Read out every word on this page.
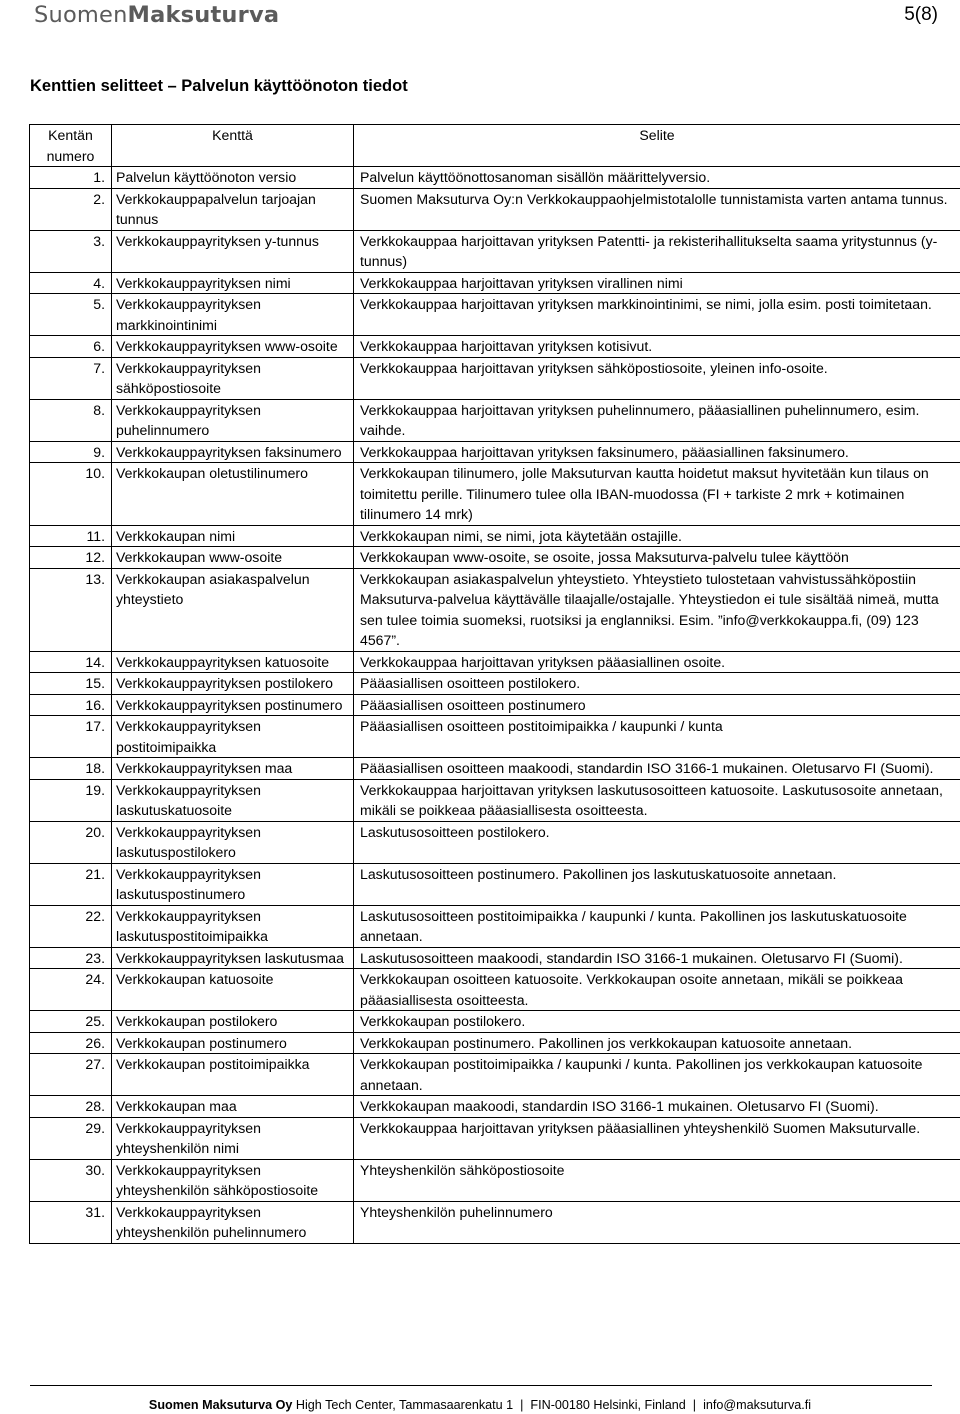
SuomenMaksuturva	5(8)
Kenttien selitteet – Palvelun käyttöönoton tiedot
Kentän numero	Kenttä	Selite
1.	Palvelun käyttöönoton versio	Palvelun käyttöönottosanoman sisällön määrittelyversio.
2.	Verkkokauppapalvelun tarjoajan tunnus	Suomen Maksuturva Oy:n Verkkokauppaohjelmistotalolle tunnistamista varten antama tunnus.
3.	Verkkokauppayrityksen y-tunnus	Verkkokauppaa harjoittavan yrityksen Patentti- ja rekisterihallitukselta saama yritystunnus (y-tunnus)
4.	Verkkokauppayrityksen nimi	Verkkokauppaa harjoittavan yrityksen virallinen nimi
5.	Verkkokauppayrityksen markkinointinimi	Verkkokauppaa harjoittavan yrityksen markkinointinimi, se nimi, jolla esim. posti toimitetaan.
6.	Verkkokauppayrityksen www-osoite	Verkkokauppaa harjoittavan yrityksen kotisivut.
7.	Verkkokauppayrityksen sähköpostiosoite	Verkkokauppaa harjoittavan yrityksen sähköpostiosoite, yleinen info-osoite.
8.	Verkkokauppayrityksen puhelinnumero	Verkkokauppaa harjoittavan yrityksen puhelinnumero, pääasiallinen puhelinnumero, esim. vaihde.
9.	Verkkokauppayrityksen faksinumero	Verkkokauppaa harjoittavan yrityksen faksinumero, pääasiallinen faksinumero.
10.	Verkkokaupan oletustilinumero	Verkkokaupan tilinumero, jolle Maksuturvan kautta hoidetut maksut hyvitetään kun tilaus on toimitettu perille. Tilinumero tulee olla IBAN-muodossa (FI + tarkiste 2 mrk + kotimainen tilinumero 14 mrk)
11.	Verkkokaupan nimi	Verkkokaupan nimi, se nimi, jota käytetään ostajille.
12.	Verkkokaupan www-osoite	Verkkokaupan www-osoite, se osoite, jossa Maksuturva-palvelu tulee käyttöön
13.	Verkkokaupan asiakaspalvelun yhteystieto	Verkkokaupan asiakaspalvelun yhteystieto. Yhteystieto tulostetaan vahvistussähköpostiin Maksuturva-palvelua käyttävälle tilaajalle/ostajalle. Yhteystiedon ei tule sisältää nimeä, mutta sen tulee toimia suomeksi, ruotsiksi ja englanniksi. Esim. ”info@verkkokauppa.fi, (09) 123 4567”.
14.	Verkkokauppayrityksen katuosoite	Verkkokauppaa harjoittavan yrityksen pääasiallinen osoite.
15.	Verkkokauppayrityksen postilokero	Pääasiallisen osoitteen postilokero.
16.	Verkkokauppayrityksen postinumero	Pääasiallisen osoitteen postinumero
17.	Verkkokauppayrityksen postitoimipaikka	Pääasiallisen osoitteen postitoimipaikka / kaupunki / kunta
18.	Verkkokauppayrityksen maa	Pääasiallisen osoitteen maakoodi, standardin ISO 3166-1 mukainen. Oletusarvo FI (Suomi).
19.	Verkkokauppayrityksen laskutuskatuosoite	Verkkokauppaa harjoittavan yrityksen laskutusosoitteen katuosoite. Laskutusosoite annetaan, mikäli se poikkeaa pääasiallisesta osoitteesta.
20.	Verkkokauppayrityksen laskutuspostilokero	Laskutusosoitteen postilokero.
21.	Verkkokauppayrityksen laskutuspostinumero	Laskutusosoitteen postinumero. Pakollinen jos laskutuskatuosoite annetaan.
22.	Verkkokauppayrityksen laskutuspostitoimipaikka	Laskutusosoitteen postitoimipaikka / kaupunki / kunta. Pakollinen jos laskutuskatuosoite annetaan.
23.	Verkkokauppayrityksen laskutusmaa	Laskutusosoitteen maakoodi, standardin ISO 3166-1 mukainen. Oletusarvo FI (Suomi).
24.	Verkkokaupan katuosoite	Verkkokaupan osoitteen katuosoite. Verkkokaupan osoite annetaan, mikäli se poikkeaa pääasiallisesta osoitteesta.
25.	Verkkokaupan postilokero	Verkkokaupan postilokero.
26.	Verkkokaupan postinumero	Verkkokaupan postinumero. Pakollinen jos verkkokaupan katuosoite annetaan.
27.	Verkkokaupan postitoimipaikka	Verkkokaupan postitoimipaikka / kaupunki / kunta. Pakollinen jos verkkokaupan katuosoite annetaan.
28.	Verkkokaupan maa	Verkkokaupan maakoodi, standardin ISO 3166-1 mukainen. Oletusarvo FI (Suomi).
29.	Verkkokauppayrityksen yhteyshenkilön nimi	Verkkokauppaa harjoittavan yrityksen pääasiallinen yhteyshenkilö Suomen Maksuturvalle.
30.	Verkkokauppayrityksen yhteyshenkilön sähköpostiosoite	Yhteyshenkilön sähköpostiosoite
31.	Verkkokauppayrityksen yhteyshenkilön puhelinnumero	Yhteyshenkilön puhelinnumero
Suomen Maksuturva Oy High Tech Center, Tammasaarenkatu 1  |  FIN-00180 Helsinki, Finland  |  info@maksuturva.fi
